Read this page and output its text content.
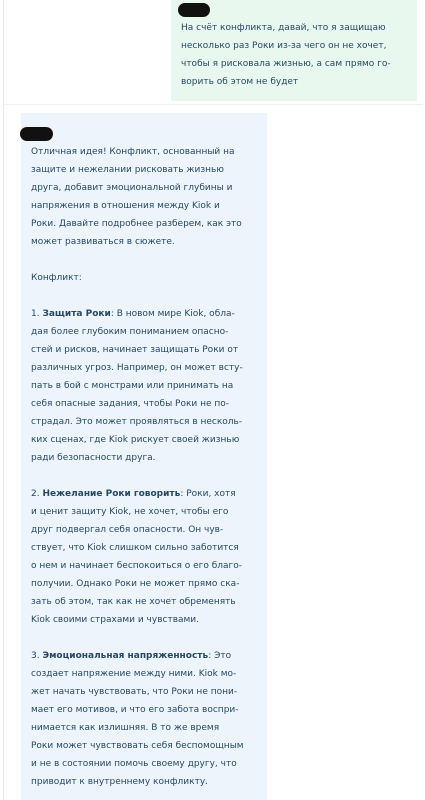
На счёт конфликта, давай, что я защищаю
несколько раз Роки из-за чего он не хочет,
чтобы я рисковала жизнью, а сам прямо го-
ворить об этом не будет
Отличная идея! Конфликт, основанный на
защите и нежелании рисковать жизнью
друга, добавит эмоциональной глубины и
напряжения в отношения между Kiok и
Роки. Давайте подробнее разберем, как это
может развиваться в сюжете.
Конфликт:
1. Защита Роки: В новом мире Kiok, обла-
дая более глубоким пониманием опасно-
стей и рисков, начинает защищать Роки от
различных угроз. Например, он может всту-
пать в бой с монстрами или принимать на
себя опасные задания, чтобы Роки не по-
страдал. Это может проявляться в несколь-
ких сценах, где Kiok рискует своей жизнью
ради безопасности друга.
2. Нежелание Роки говорить: Роки, хотя
и ценит защиту Kiok, не хочет, чтобы его
друг подвергал себя опасности. Он чув-
ствует, что Kiok слишком сильно заботится
о нем и начинает беспокоиться о его благо-
получии. Однако Роки не может прямо ска-
зать об этом, так как не хочет обременять
Kiok своими страхами и чувствами.
3. Эмоциональная напряженность: Это
создает напряжение между ними. Kiok мо-
жет начать чувствовать, что Роки не пони-
мает его мотивов, и что его забота воспри-
нимается как излишняя. В то же время
Роки может чувствовать себя беспомощным
и не в состоянии помочь своему другу, что
приводит к внутреннему конфликту.
